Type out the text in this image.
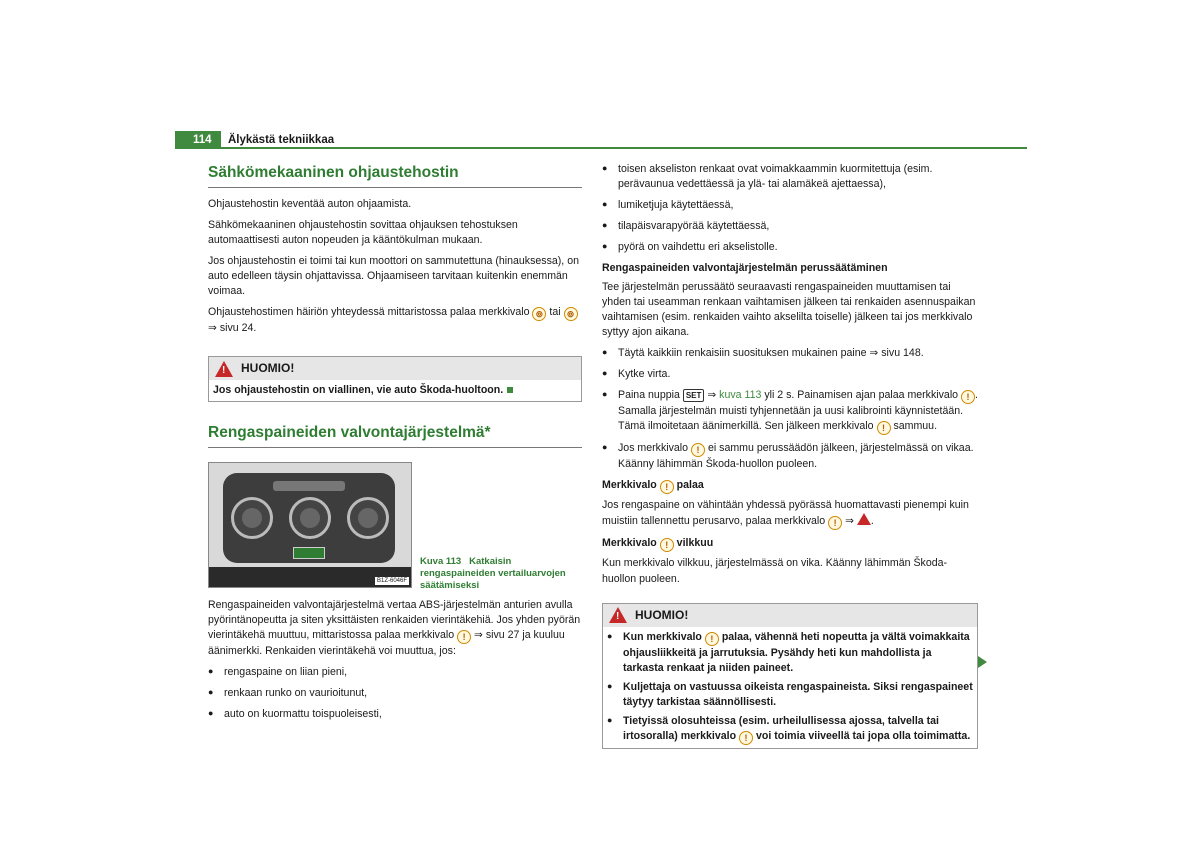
114	Älykästä tekniikkaa
Sähkömekaaninen ohjaustehostin

Ohjaustehostin keventää auton ohjaamista.

Sähkömekaaninen ohjaustehostin sovittaa ohjauksen tehostuksen automaattisesti auton nopeuden ja kääntökulman mukaan.

Jos ohjaustehostin ei toimi tai kun moottori on sammutettuna (hinauksessa), on auto edelleen täysin ohjattavissa. Ohjaamiseen tarvitaan kuitenkin enemmän voimaa.

Ohjaustehostimen häiriön yhteydessä mittaristossa palaa merkkivalo ⊚ tai ⊚
⇒ sivu 24.

!
HUOMIO!
Jos ohjaustehostin on viallinen, vie auto Škoda-huoltoon.
Rengaspaineiden valvontajärjestelmä*
B1Z-6046F
Kuva 113 Katkaisin rengaspaineiden vertailuarvojen säätämiseksi

Rengaspaineiden valvontajärjestelmä vertaa ABS-järjestelmän anturien avulla pyörintänopeutta ja siten yksittäisten renkaiden vierintäkehiä. Jos yhden pyörän vierintäkehä muuttuu, mittaristossa palaa merkkivalo ! ⇒ sivu 27 ja kuuluu äänimerkki. Renkaiden vierintäkehä voi muuttua, jos:

● rengaspaine on liian pieni,
● renkaan runko on vaurioitunut,
● auto on kuormattu toispuoleisesti,
● toisen akseliston renkaat ovat voimakkaammin kuormitettuja (esim. perävaunua vedettäessä ja ylä- tai alamäkeä ajettaessa),
● lumiketjuja käytettäessä,
● tilapäisvarapyörää käytettäessä,
● pyörä on vaihdettu eri akselistolle.
Rengaspaineiden valvontajärjestelmän perussäätäminen

Tee järjestelmän perussäätö seuraavasti rengaspaineiden muuttamisen tai yhden tai useamman renkaan vaihtamisen jälkeen tai renkaiden asennuspaikan vaihtamisen (esim. renkaiden vaihto akselilta toiselle) jälkeen tai jos merkkivalo syttyy ajon aikana.

● Täytä kaikkiin renkaisiin suosituksen mukainen paine ⇒ sivu 148.
● Kytke virta.
● Paina nuppia SET ⇒ kuva 113 yli 2 s. Painamisen ajan palaa merkkivalo ! . Samalla järjestelmän muisti tyhjennetään ja uusi kalibrointi käynnistetään. Tämä ilmoitetaan äänimerkillä. Sen jälkeen merkkivalo ! sammuu.
● Jos merkkivalo ! ei sammu perussäädön jälkeen, järjestelmässä on vikaa. Käänny lähimmän Škoda-huollon puoleen.
Merkkivalo ! palaa

Jos rengaspaine on vähintään yhdessä pyörässä huomattavasti pienempi kuin muistiin tallennettu perusarvo, palaa merkkivalo ! ⇒ .

Merkkivalo ! vilkkuu

Kun merkkivalo vilkkuu, järjestelmässä on vika. Käänny lähimmän Škoda-huollon puoleen.

!
HUOMIO!
● Kun merkkivalo ! palaa, vähennä heti nopeutta ja vältä voimakkaita ohjausliikkeitä ja jarrutuksia. Pysähdy heti kun mahdollista ja tarkasta renkaat ja niiden paineet.
● Kuljettaja on vastuussa oikeista rengaspaineista. Siksi rengaspaineet täytyy tarkistaa säännöllisesti.
● Tietyissä olosuhteissa (esim. urheilullisessa ajossa, talvella tai irtosoralla) merkkivalo ! voi toimia viiveellä tai jopa olla toimimatta.
